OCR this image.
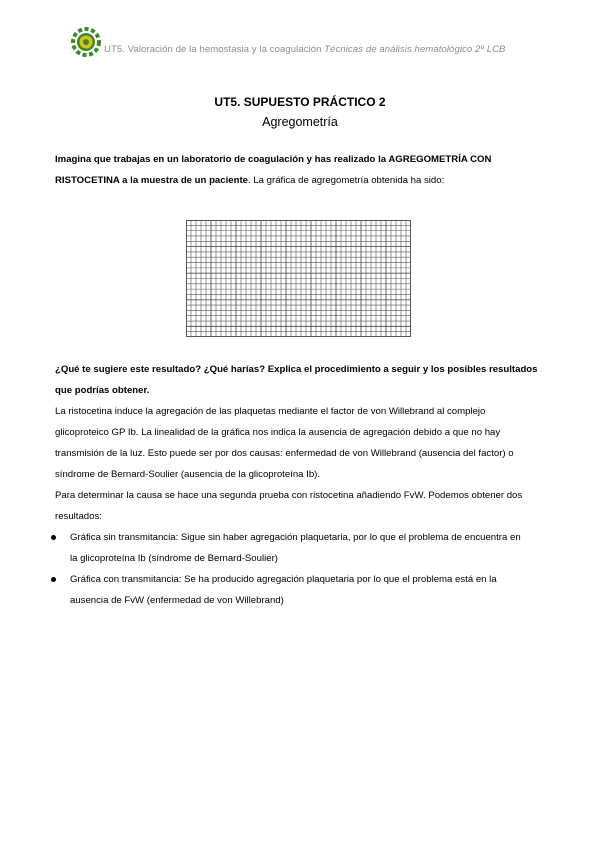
UT5. Valoración de la hemostasia y la coagulación Técnicas de análisis hematológico 2º LCB
UT5. SUPUESTO PRÁCTICO 2
Agregometría
Imagina que trabajas en un laboratorio de coagulación y has realizado la AGREGOMETRÍA CON
RISTOCETINA a la muestra de un paciente. La gráfica de agregometría obtenida ha sido:
¿Qué te sugiere este resultado? ¿Qué harías? Explica el procedimiento a seguir y los posibles resultados
que podrías obtener.
La ristocetina induce la agregación de las plaquetas mediante el factor de von Willebrand al complejo
glicoproteico GP Ib. La linealidad de la gráfica nos indica la ausencia de agregación debido a que no hay
transmisión de la luz. Esto puede ser por dos causas: enfermedad de von Willebrand (ausencia del factor) o
síndrome de Bernard-Soulier (ausencia de la glicoproteína Ib).
Para determinar la causa se hace una segunda prueba con ristocetina añadiendo FvW. Podemos obtener dos
resultados:
Gráfica sin transmitancia: Sigue sin haber agregación plaquetaria, por lo que el problema de encuentra en
la glicoproteína Ib (síndrome de Bernard-Soulier)
Gráfica con transmitancia: Se ha producido agregación plaquetaria por lo que el problema está en la
ausencia de FvW (enfermedad de von Willebrand)
